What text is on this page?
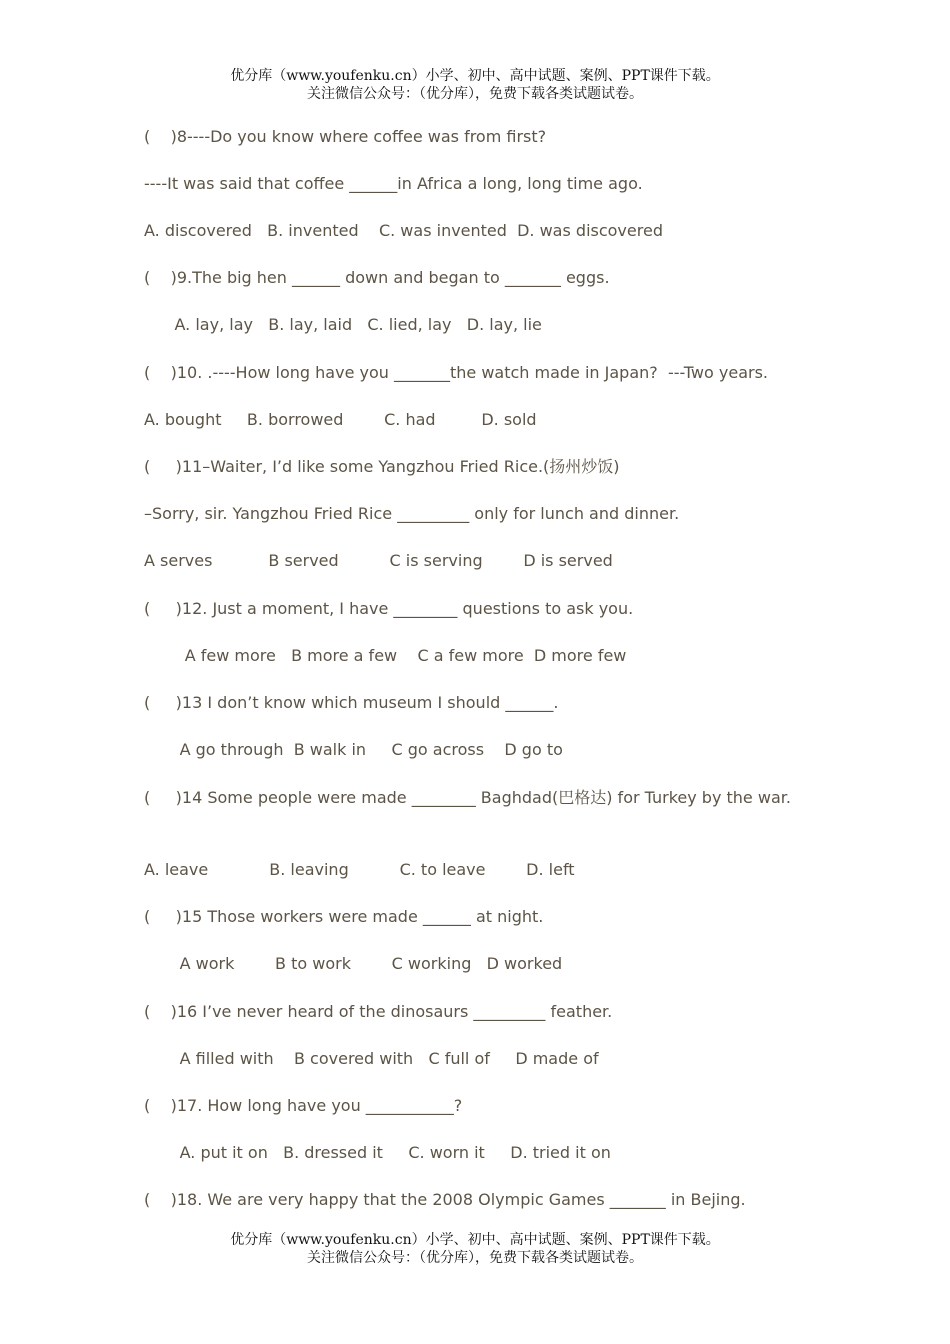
优分库（www.youfenku.cn）小学、初中、高中试题、案例、PPT课件下载。
关注微信公众号：（优分库），免费下载各类试题试卷。
(    )8----Do you know where coffee was from first?
----It was said that coffee ______in Africa a long, long time ago.
A. discovered   B. invented    C. was invented  D. was discovered
(    )9.The big hen ______ down and began to _______ eggs.
A. lay, lay   B. lay, laid   C. lied, lay   D. lay, lie
(    )10. .----How long have you _______the watch made in Japan?  ---Two years.
A. bought     B. borrowed        C. had         D. sold
(     )11–Waiter, I’d like some Yangzhou Fried Rice.(扬州炒饭)
–Sorry, sir. Yangzhou Fried Rice _________ only for lunch and dinner.
A serves           B served          C is serving        D is served
(     )12. Just a moment, I have ________ questions to ask you.
A few more   B more a few    C a few more  D more few
(     )13 I don’t know which museum I should ______.
A go through  B walk in     C go across    D go to
(     )14 Some people were made ________ Baghdad(巴格达) for Turkey by the war.
A. leave            B. leaving          C. to leave        D. left
(     )15 Those workers were made ______ at night.
A work        B to work        C working   D worked
(    )16 I’ve never heard of the dinosaurs _________ feather.
A filled with    B covered with   C full of     D made of
(    )17. How long have you ___________?
A. put it on   B. dressed it     C. worn it     D. tried it on
(    )18. We are very happy that the 2008 Olympic Games _______ in Bejing.
优分库（www.youfenku.cn）小学、初中、高中试题、案例、PPT课件下载。
关注微信公众号：（优分库），免费下载各类试题试卷。
